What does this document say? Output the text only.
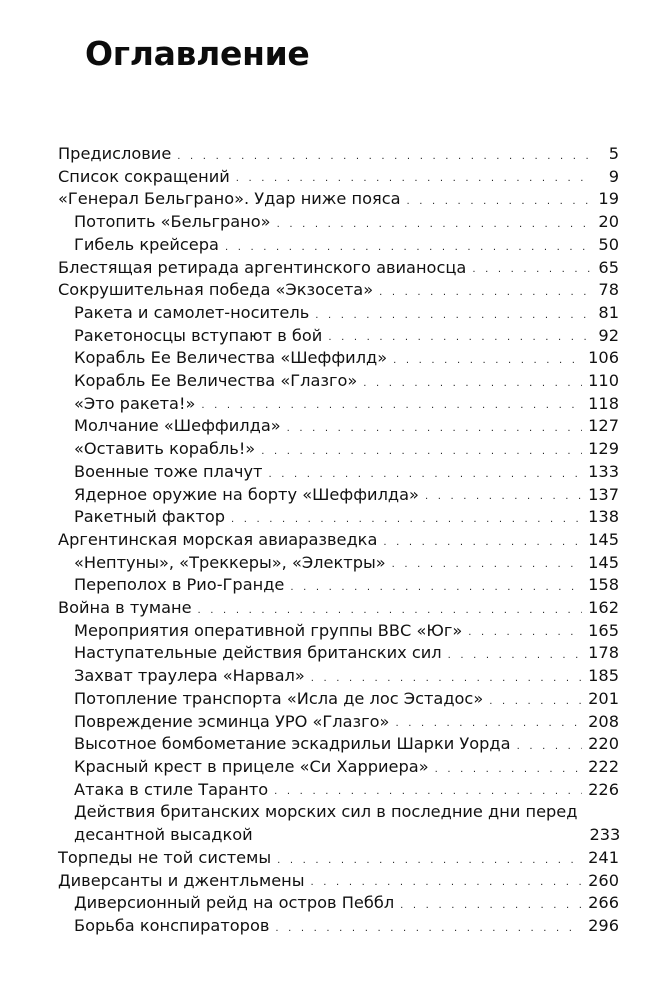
Оглавление
Предисловие . . .	5
Список сокращений . . .	9
«Генерал Бельграно». Удар ниже пояса . . .	19
Потопить «Бельграно» . . .	20
Гибель крейсера . . .	50
Блестящая ретирада аргентинского авианосца . . .	65
Сокрушительная победа «Экзосета» . . .	78
Ракета и самолет-носитель . . .	81
Ракетоносцы вступают в бой . . .	92
Корабль Ее Величества «Шеффилд» . . .	106
Корабль Ее Величества «Глазго» . . .	110
«Это ракета!» . . .	118
Молчание «Шеффилда» . . .	127
«Оставить корабль!» . . .	129
Военные тоже плачут . . .	133
Ядерное оружие на борту «Шеффилда» . . .	137
Ракетный фактор . . .	138
Аргентинская морская авиаразведка . . .	145
«Нептуны», «Треккеры», «Электры» . . .	145
Переполох в Рио-Гранде . . .	158
Война в тумане . . .	162
Мероприятия оперативной группы ВВС «Юг» . . .	165
Наступательные действия британских сил . . .	178
Захват траулера «Нарвал» . . .	185
Потопление транспорта «Исла де лос Эстадос» . . .	201
Повреждение эсминца УРО «Глазго» . . .	208
Высотное бомбометание эскадрильи Шарки Уорда . . .	220
Красный крест в прицеле «Си Харриера» . . .	222
Атака в стиле Таранто . . .	226
Действия британских морских сил в последние дни перед
десантной высадкой	233
Торпеды не той системы . . .	241
Диверсанты и джентльмены . . .	260
Диверсионный рейд на остров Пеббл . . .	266
Борьба конспираторов . . .	296
